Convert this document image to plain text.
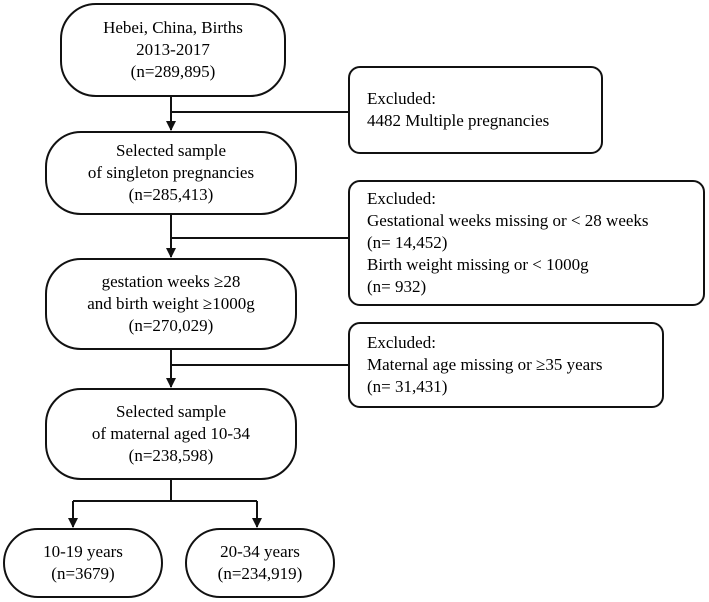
Hebei, China, Births
2013-2017
(n=289,895)
Selected sample
of singleton pregnancies
(n=285,413)
gestation weeks ≥28
and birth weight ≥1000g
(n=270,029)
Selected sample
of maternal aged 10-34
(n=238,598)
10-19 years
(n=3679)
20-34 years
(n=234,919)
Excluded:
4482 Multiple pregnancies
Excluded:
Gestational weeks missing or < 28 weeks
(n= 14,452)
Birth weight missing or < 1000g
(n= 932)
Excluded:
Maternal age missing or ≥35 years
(n= 31,431)
